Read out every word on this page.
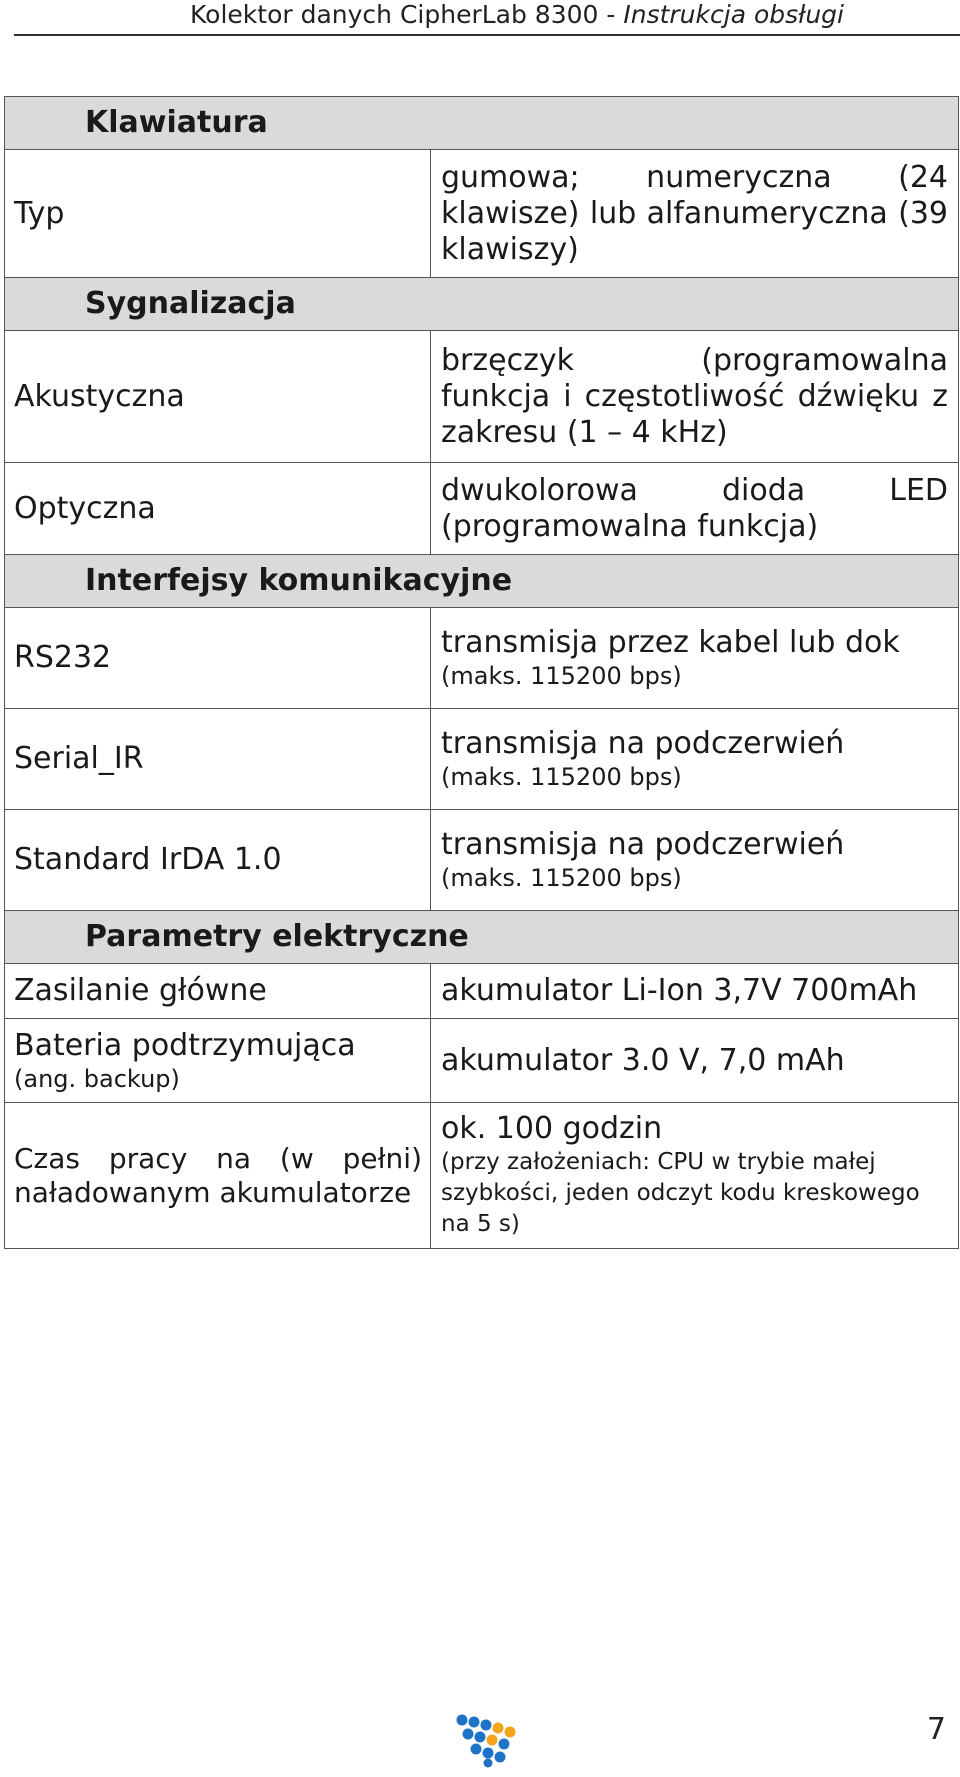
Kolektor danych CipherLab 8300 - Instrukcja obsługi
Klawiatura	
Typ	gumowa; numeryczna (24 klawisze) lub alfanumeryczna (39 klawiszy)
Sygnalizacja	
Akustyczna	brzęczyk (programowalna funkcja i częstotliwość dźwięku z zakresu (1 – 4 kHz)
Optyczna	dwukolorowa dioda LED (programowalna funkcja)
Interfejsy komunikacyjne	
RS232	transmisja przez kabel lub dok
(maks. 115200 bps)

Serial_IR	transmisja na podczerwień
(maks. 115200 bps)

Standard IrDA 1.0	transmisja na podczerwień
(maks. 115200 bps)

Parametry elektryczne	
Zasilanie główne	akumulator Li-Ion 3,7V 700mAh
Bateria podtrzymująca
(ang. backup)	akumulator 3.0 V, 7,0 mAh
Czas pracy na (w pełni) naładowanym akumulatorze	ok. 100 godzin
(przy założeniach: CPU w trybie małej szybkości, jeden odczyt kodu kreskowego na 5 s)
7
